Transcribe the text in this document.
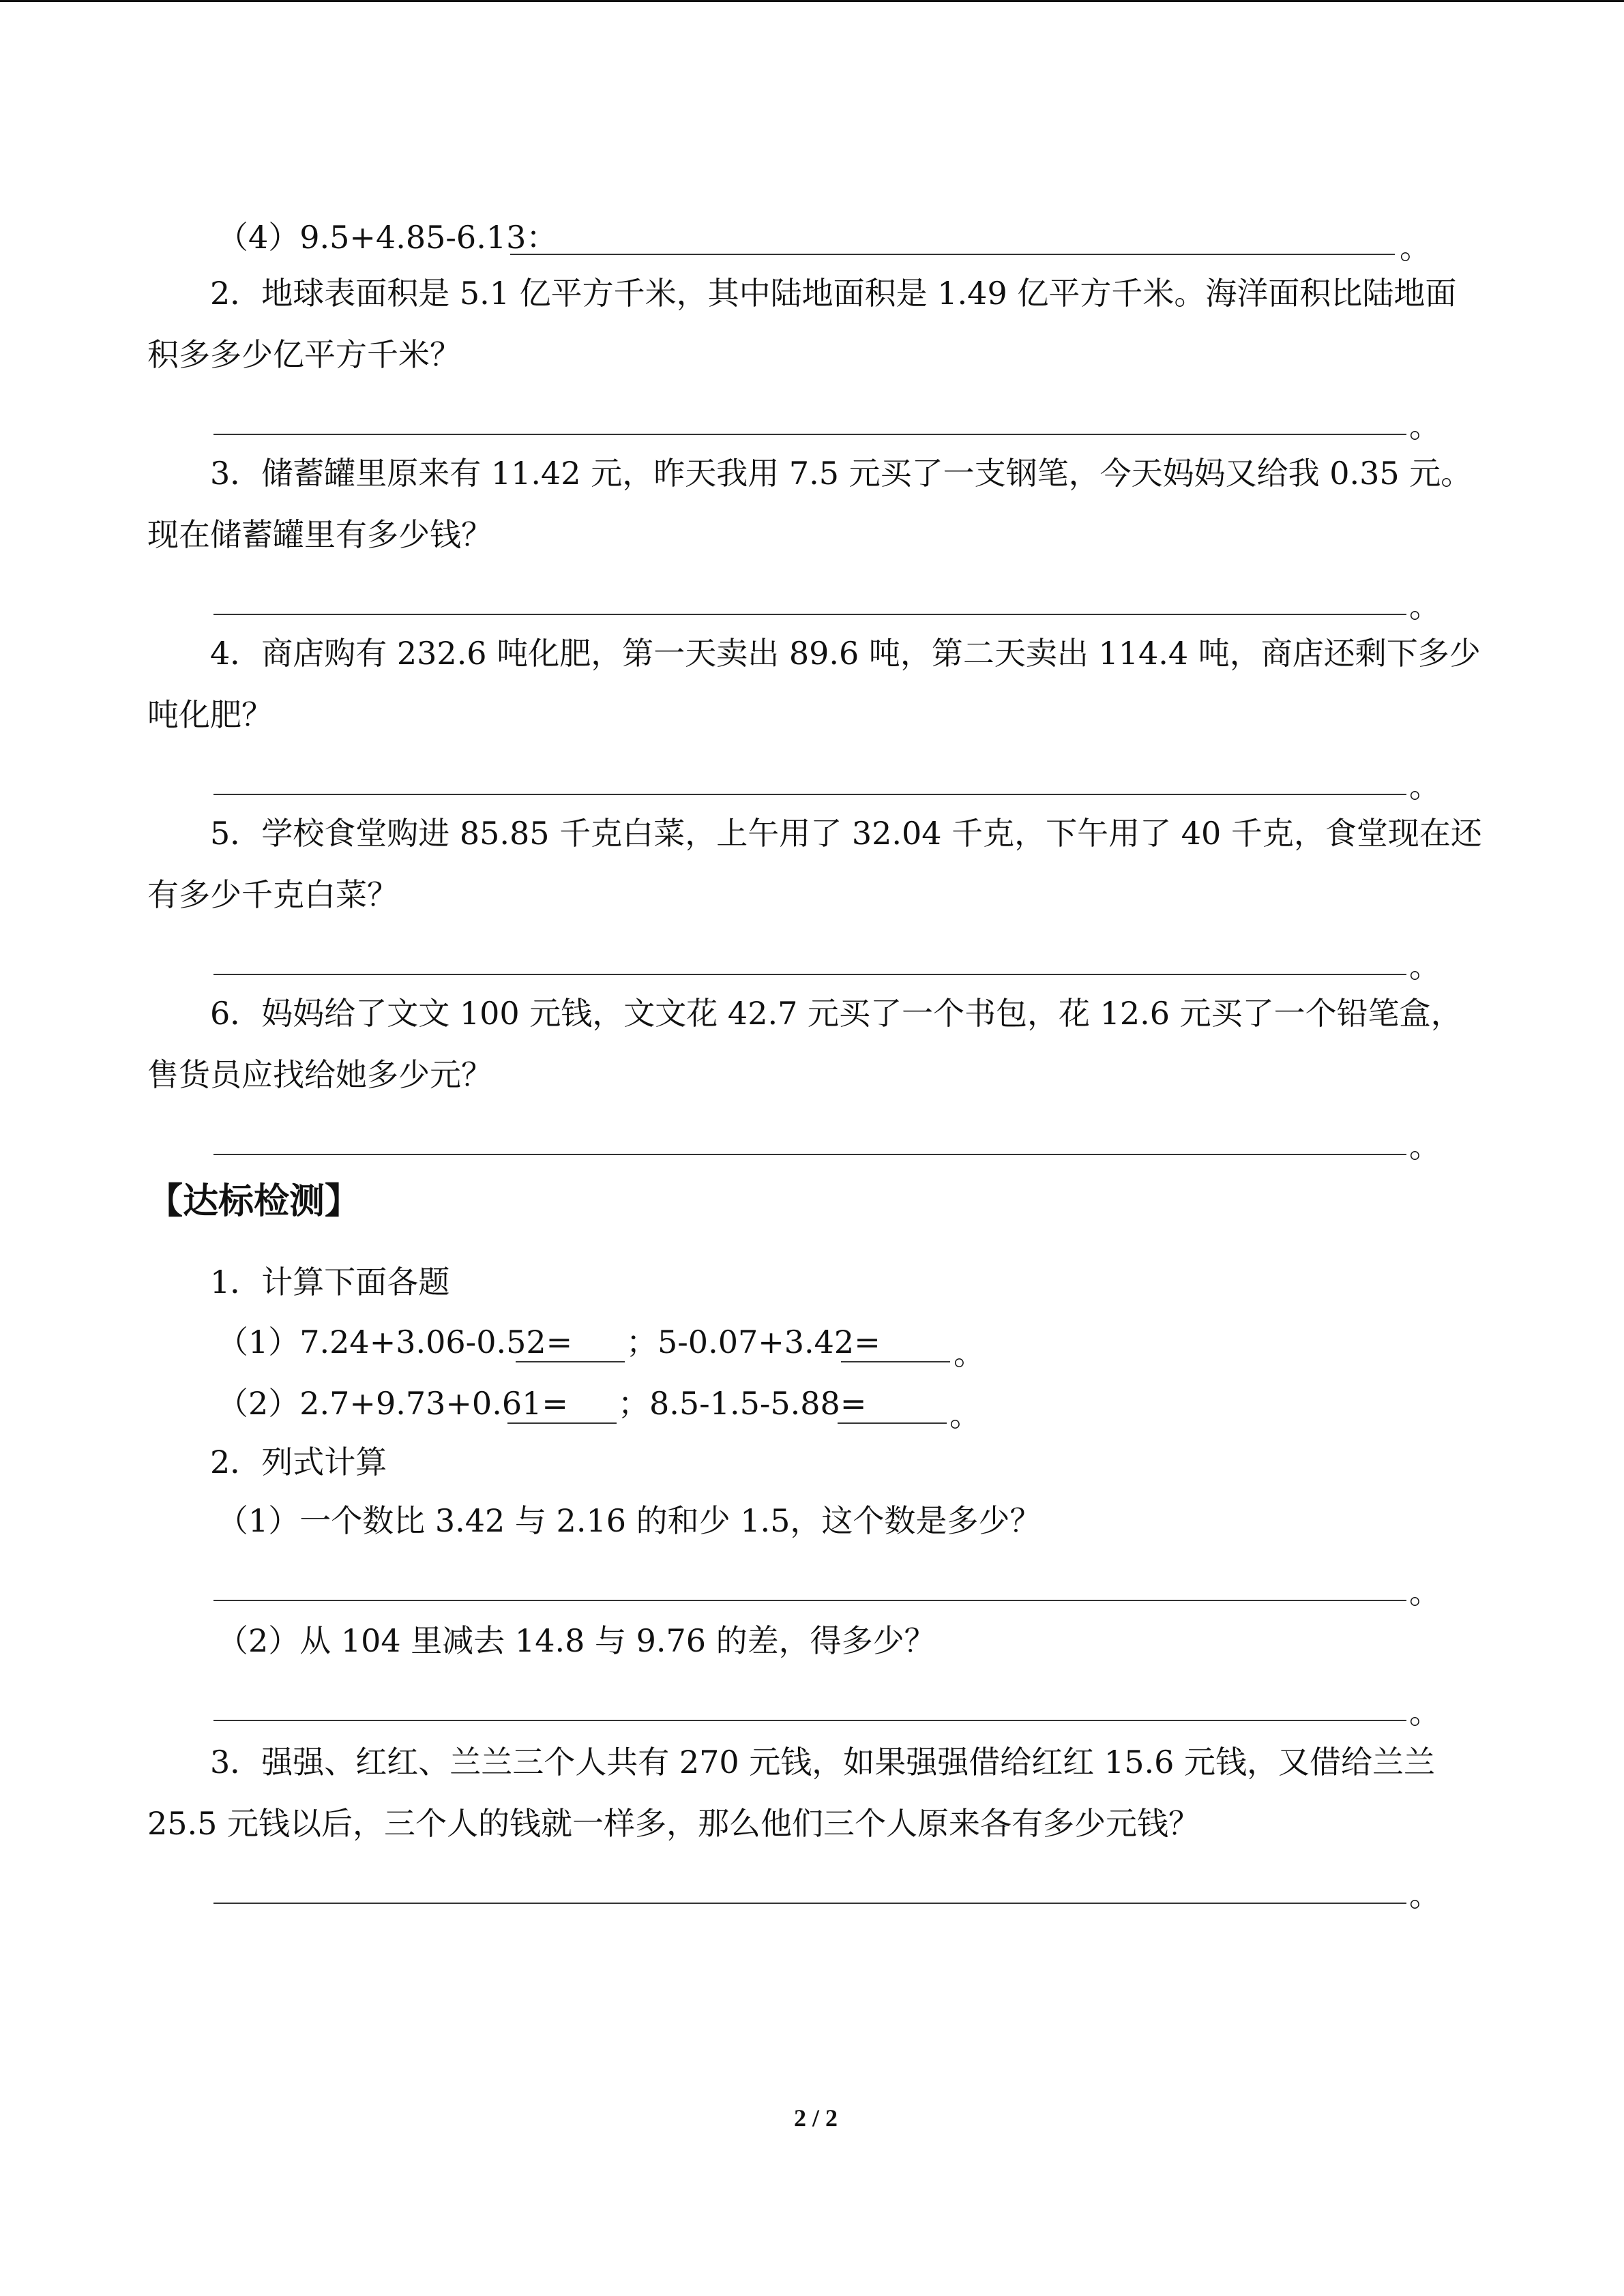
（4）9.5+4.85-6.13：	。

2．地球表面积是 5.1 亿平方千米，其中陆地面积是 1.49 亿平方千米。海洋面积比陆地面

积多多少亿平方千米？

。

3．储蓄罐里原来有 11.42 元，昨天我用 7.5 元买了一支钢笔，今天妈妈又给我 0.35 元。

现在储蓄罐里有多少钱？

。

4．商店购有 232.6 吨化肥，第一天卖出 89.6 吨，第二天卖出 114.4 吨，商店还剩下多少

吨化肥？

。

5．学校食堂购进 85.85 千克白菜，上午用了 32.04 千克，下午用了 40 千克，食堂现在还

有多少千克白菜？

。

6．妈妈给了文文 100 元钱，文文花 42.7 元买了一个书包，花 12.6 元买了一个铅笔盒，

售货员应找给她多少元？

。

【达标检测】

1．计算下面各题

（1）7.24+3.06-0.52= ；5-0.07+3.42= 。

（2）2.7+9.73+0.61= ；8.5-1.5-5.88=	。

2．列式计算

（1）一个数比 3.42 与 2.16 的和少 1.5，这个数是多少？

。

（2）从 104 里减去 14.8 与 9.76 的差，得多少？

。

3．强强、红红、兰兰三个人共有 270 元钱，如果强强借给红红 15.6 元钱，又借给兰兰

25.5 元钱以后，三个人的钱就一样多，那么他们三个人原来各有多少元钱？

。

2 / 2
